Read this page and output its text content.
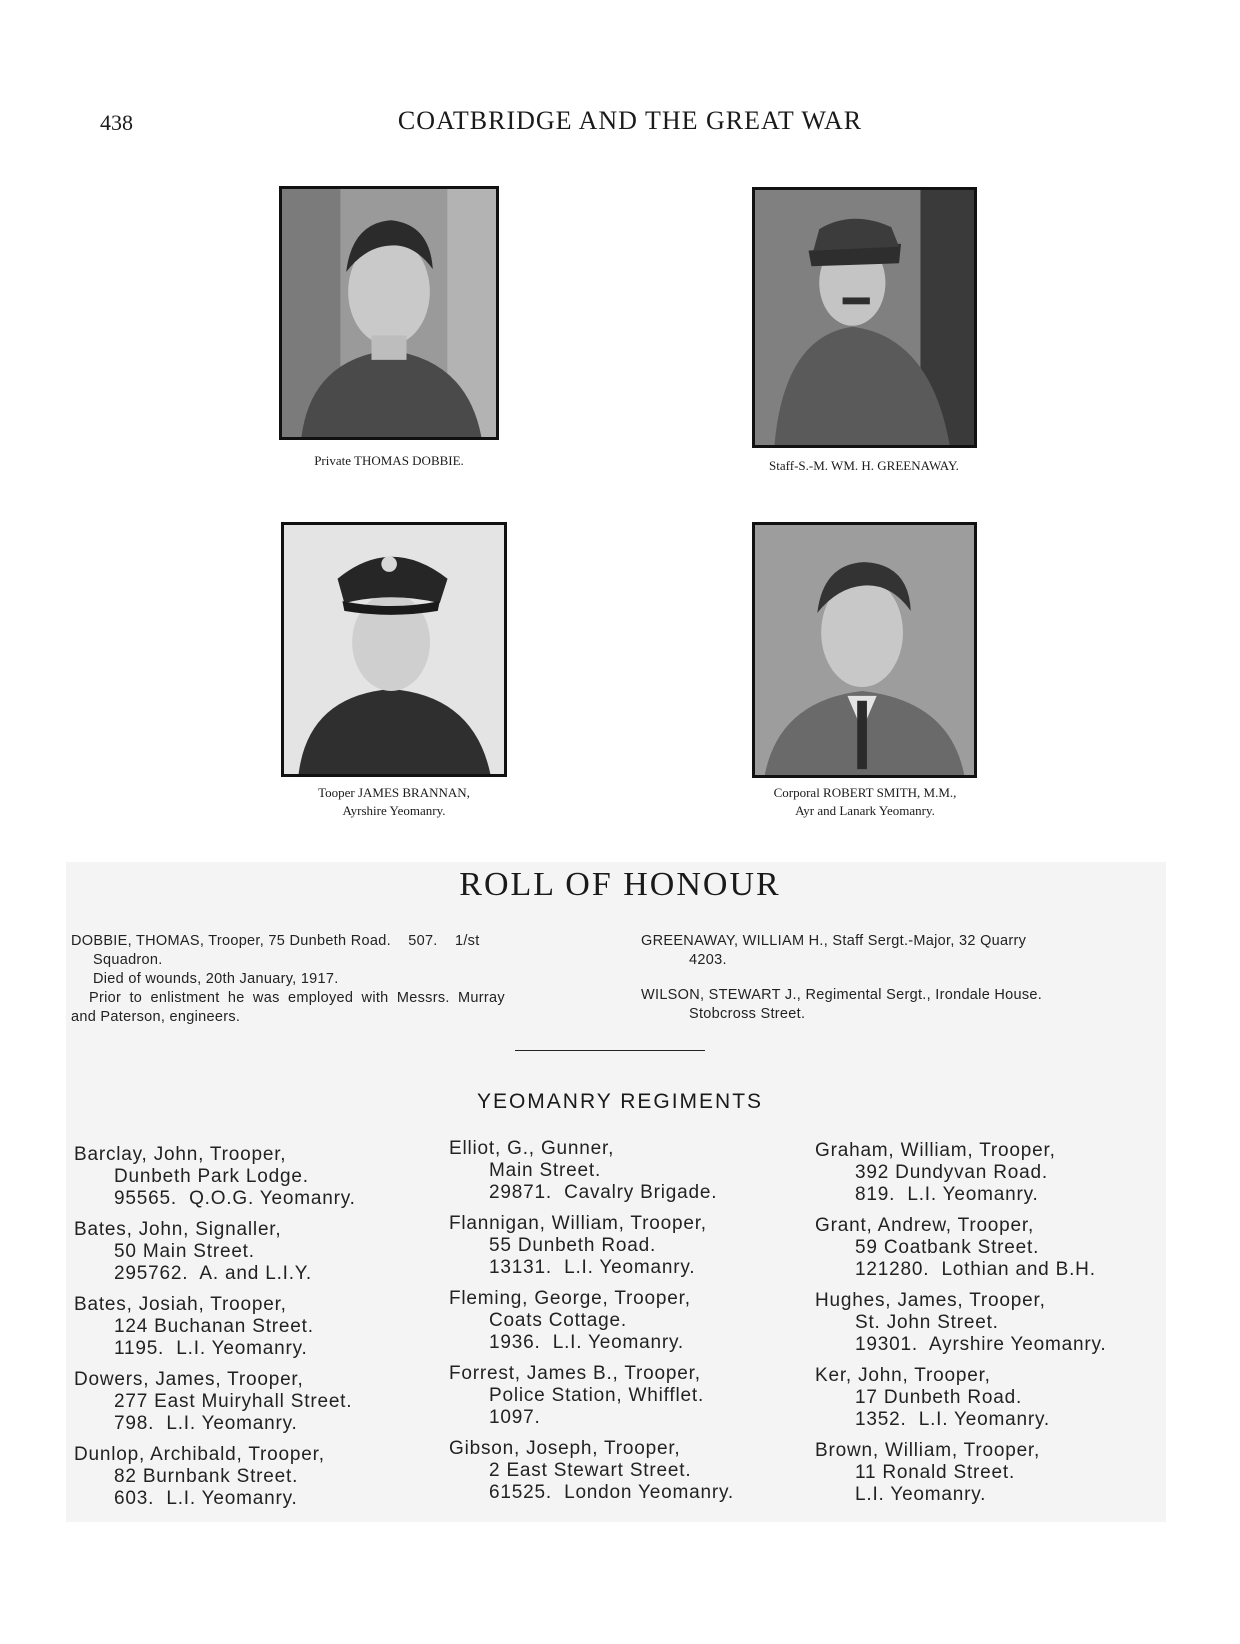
438	COATBRIDGE AND THE GREAT WAR
Private THOMAS DOBBIE.	Staff-S.-M. WM. H. GREENAWAY.
Tooper JAMES BRANNAN,
Ayrshire Yeomanry.
Corporal ROBERT SMITH, M.M.,
Ayr and Lanark Yeomanry.
ROLL OF HONOUR
DOBBIE, THOMAS, Trooper, 75 Dunbeth Road.    507.    1/st
Squadron.
Died of wounds, 20th January, 1917.
Prior to enlistment he was employed with Messrs. Murray
and Paterson, engineers.
GREENAWAY, WILLIAM H., Staff Sergt.-Major, 32 Quarry
4203.
WILSON, STEWART J., Regimental Sergt., Irondale House.
Stobcross Street.
YEOMANRY REGIMENTS
Barclay, John, Trooper,
Dunbeth Park Lodge.
95565.  Q.O.G. Yeomanry.
Bates, John, Signaller,
50 Main Street.
295762.  A. and L.I.Y.
Bates, Josiah, Trooper,
124 Buchanan Street.
1195.  L.I. Yeomanry.
Dowers, James, Trooper,
277 East Muiryhall Street.
798.  L.I. Yeomanry.
Dunlop, Archibald, Trooper,
82 Burnbank Street.
603.  L.I. Yeomanry.
Elliot, G., Gunner,
Main Street.
29871.  Cavalry Brigade.
Flannigan, William, Trooper,
55 Dunbeth Road.
13131.  L.I. Yeomanry.
Fleming, George, Trooper,
Coats Cottage.
1936.  L.I. Yeomanry.
Forrest, James B., Trooper,
Police Station, Whifflet.
1097.
Gibson, Joseph, Trooper,
2 East Stewart Street.
61525.  London Yeomanry.
Graham, William, Trooper,
392 Dundyvan Road.
819.  L.I. Yeomanry.
Grant, Andrew, Trooper,
59 Coatbank Street.
121280.  Lothian and B.H.
Hughes, James, Trooper,
St. John Street.
19301.  Ayrshire Yeomanry.
Ker, John, Trooper,
17 Dunbeth Road.
1352.  L.I. Yeomanry.
Brown, William, Trooper,
11 Ronald Street.
L.I. Yeomanry.
